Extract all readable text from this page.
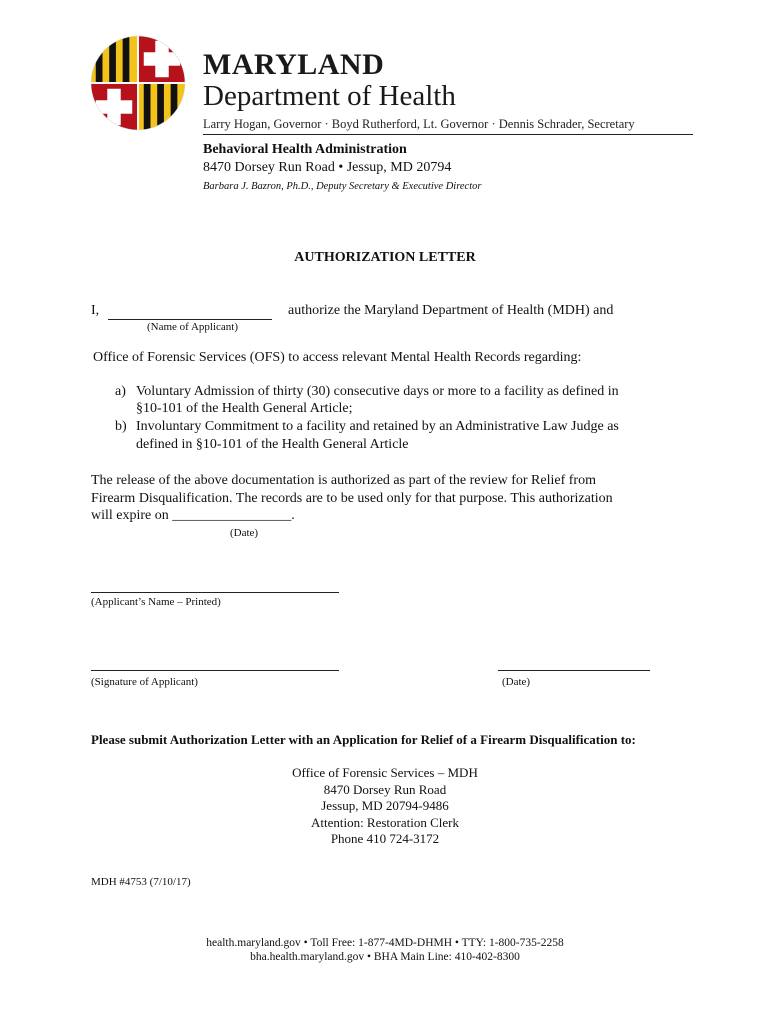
MARYLAND
Department of Health
Larry Hogan, Governor · Boyd Rutherford, Lt. Governor · Dennis Schrader, Secretary
Behavioral Health Administration
8470 Dorsey Run Road • Jessup, MD 20794
Barbara J. Bazron, Ph.D., Deputy Secretary & Executive Director
AUTHORIZATION LETTER
I,	authorize the Maryland Department of Health (MDH) and
(Name of Applicant)
Office of Forensic Services (OFS) to access relevant Mental Health Records regarding:
a) Voluntary Admission of thirty (30) consecutive days or more to a facility as defined in
§10-101 of the Health General Article;
b) Involuntary Commitment to a facility and retained by an Administrative Law Judge as
defined in §10-101 of the Health General Article
The release of the above documentation is authorized as part of the review for Relief from
Firearm Disqualification. The records are to be used only for that purpose. This authorization
will expire on _________________.
(Date)
(Applicant’s Name – Printed)
(Signature of Applicant)	(Date)
Please submit Authorization Letter with an Application for Relief of a Firearm Disqualification to:
Office of Forensic Services – MDH
8470 Dorsey Run Road
Jessup, MD 20794-9486
Attention: Restoration Clerk
Phone 410 724-3172
MDH #4753 (7/10/17)
health.maryland.gov • Toll Free: 1-877-4MD-DHMH • TTY: 1-800-735-2258
bha.health.maryland.gov • BHA Main Line: 410-402-8300
